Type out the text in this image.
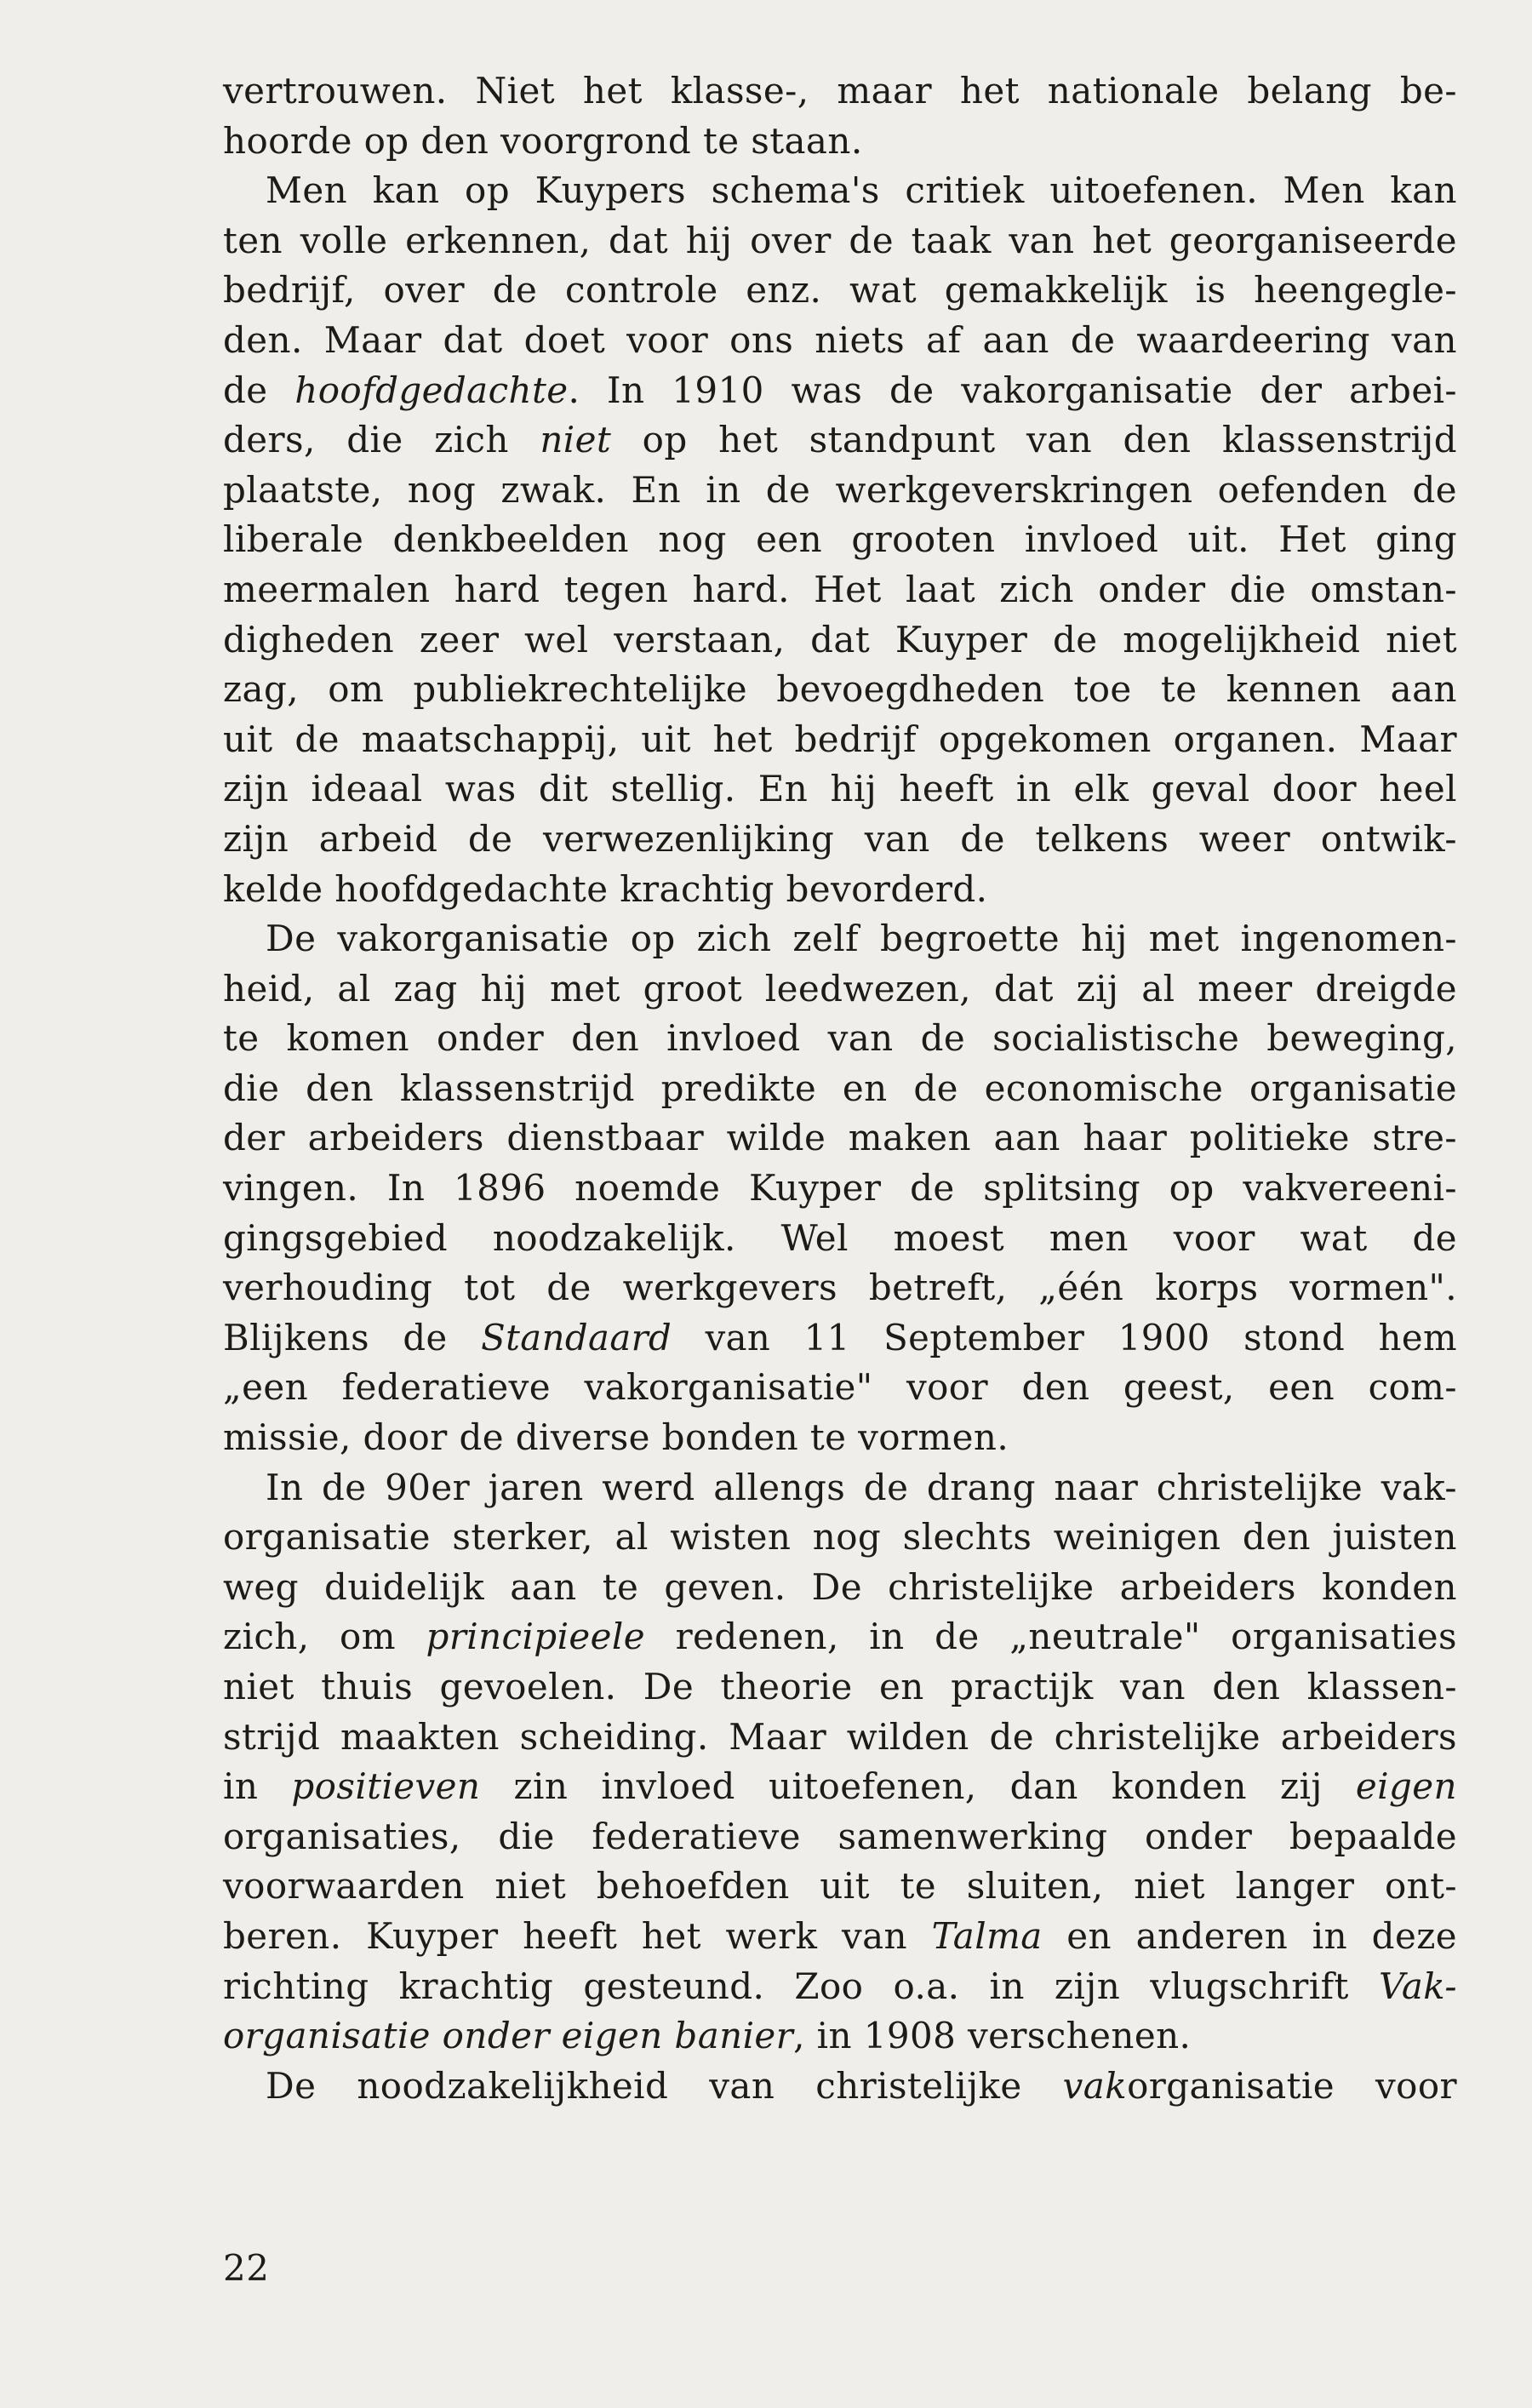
vertrouwen. Niet het klasse-, maar het nationale belang be-
hoorde op den voorgrond te staan.
Men kan op Kuypers schema's critiek uitoefenen. Men kan
ten volle erkennen, dat hij over de taak van het georganiseerde
bedrijf, over de controle enz. wat gemakkelijk is heengegle-
den. Maar dat doet voor ons niets af aan de waardeering van
de hoofdgedachte. In 1910 was de vakorganisatie der arbei-
ders, die zich niet op het standpunt van den klassenstrijd
plaatste, nog zwak. En in de werkgeverskringen oefenden de
liberale denkbeelden nog een grooten invloed uit. Het ging
meermalen hard tegen hard. Het laat zich onder die omstan-
digheden zeer wel verstaan, dat Kuyper de mogelijkheid niet
zag, om publiekrechtelijke bevoegdheden toe te kennen aan
uit de maatschappij, uit het bedrijf opgekomen organen. Maar
zijn ideaal was dit stellig. En hij heeft in elk geval door heel
zijn arbeid de verwezenlijking van de telkens weer ontwik-
kelde hoofdgedachte krachtig bevorderd.
De vakorganisatie op zich zelf begroette hij met ingenomen-
heid, al zag hij met groot leedwezen, dat zij al meer dreigde
te komen onder den invloed van de socialistische beweging,
die den klassenstrijd predikte en de economische organisatie
der arbeiders dienstbaar wilde maken aan haar politieke stre-
vingen. In 1896 noemde Kuyper de splitsing op vakvereeni-
gingsgebied noodzakelijk. Wel moest men voor wat de
verhouding tot de werkgevers betreft, „één korps vormen".
Blijkens de Standaard van 11 September 1900 stond hem
„een federatieve vakorganisatie" voor den geest, een com-
missie, door de diverse bonden te vormen.
In de 90er jaren werd allengs de drang naar christelijke vak-
organisatie sterker, al wisten nog slechts weinigen den juisten
weg duidelijk aan te geven. De christelijke arbeiders konden
zich, om principieele redenen, in de „neutrale" organisaties
niet thuis gevoelen. De theorie en practijk van den klassen-
strijd maakten scheiding. Maar wilden de christelijke arbeiders
in positieven zin invloed uitoefenen, dan konden zij eigen
organisaties, die federatieve samenwerking onder bepaalde
voorwaarden niet behoefden uit te sluiten, niet langer ont-
beren. Kuyper heeft het werk van Talma en anderen in deze
richting krachtig gesteund. Zoo o.a. in zijn vlugschrift Vak-
organisatie onder eigen banier, in 1908 verschenen.
De noodzakelijkheid van christelijke vakorganisatie voor
22
